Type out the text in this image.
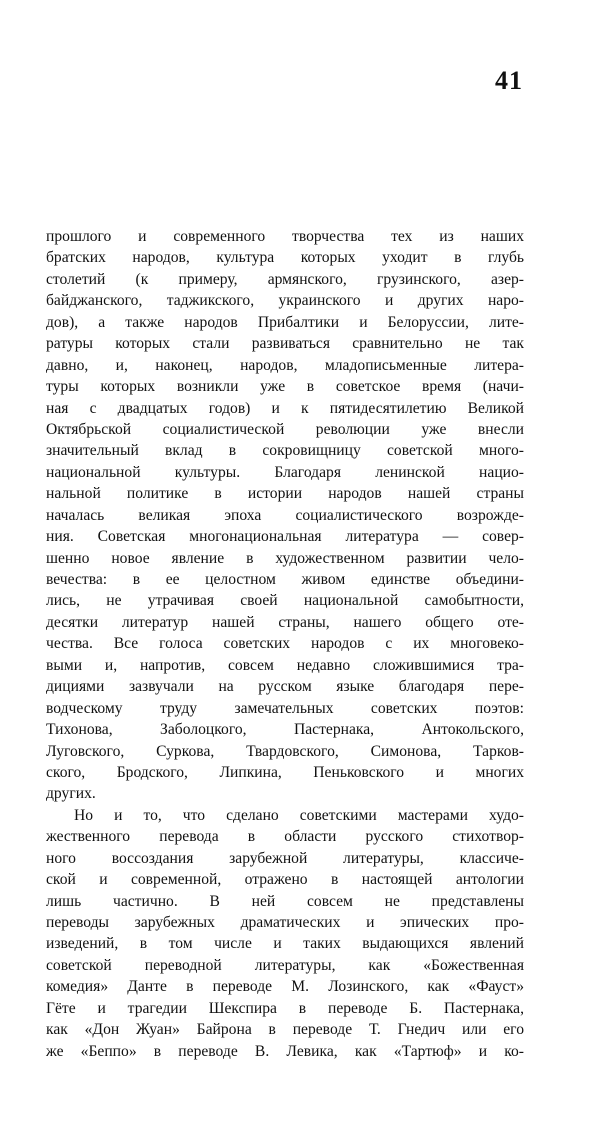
41
прошлого и современного творчества тех из наших
братских народов, культура которых уходит в глубь
столетий (к примеру, армянского, грузинского, азер-
байджанского, таджикского, украинского и других наро-
дов), а также народов Прибалтики и Белоруссии, лите-
ратуры которых стали развиваться сравнительно не так
давно, и, наконец, народов, младописьменные литера-
туры которых возникли уже в советское время (начи-
ная с двадцатых годов) и к пятидесятилетию Великой
Октябрьской социалистической революции уже внесли
значительный вклад в сокровищницу советской много-
национальной культуры. Благодаря ленинской нацио-
нальной политике в истории народов нашей страны
началась великая эпоха социалистического возрожде-
ния. Советская многонациональная литература — совер-
шенно новое явление в художественном развитии чело-
вечества: в ее целостном живом единстве объедини-
лись, не утрачивая своей национальной самобытности,
десятки литератур нашей страны, нашего общего оте-
чества. Все голоса советских народов с их многовеко-
выми и, напротив, совсем недавно сложившимися тра-
дициями зазвучали на русском языке благодаря пере-
водческому труду замечательных советских поэтов:
Тихонова, Заболоцкого, Пастернака, Антокольского,
Луговского, Суркова, Твардовского, Симонова, Тарков-
ского, Бродского, Липкина, Пеньковского и многих
других.
Но и то, что сделано советскими мастерами худо-
жественного перевода в области русского стихотвор-
ного воссоздания зарубежной литературы, классиче-
ской и современной, отражено в настоящей антологии
лишь частично. В ней совсем не представлены
переводы зарубежных драматических и эпических про-
изведений, в том числе и таких выдающихся явлений
советской переводной литературы, как «Божественная
комедия» Данте в переводе М. Лозинского, как «Фауст»
Гёте и трагедии Шекспира в переводе Б. Пастернака,
как «Дон Жуан» Байрона в переводе Т. Гнедич или его
же «Беппо» в переводе В. Левика, как «Тартюф» и ко-
